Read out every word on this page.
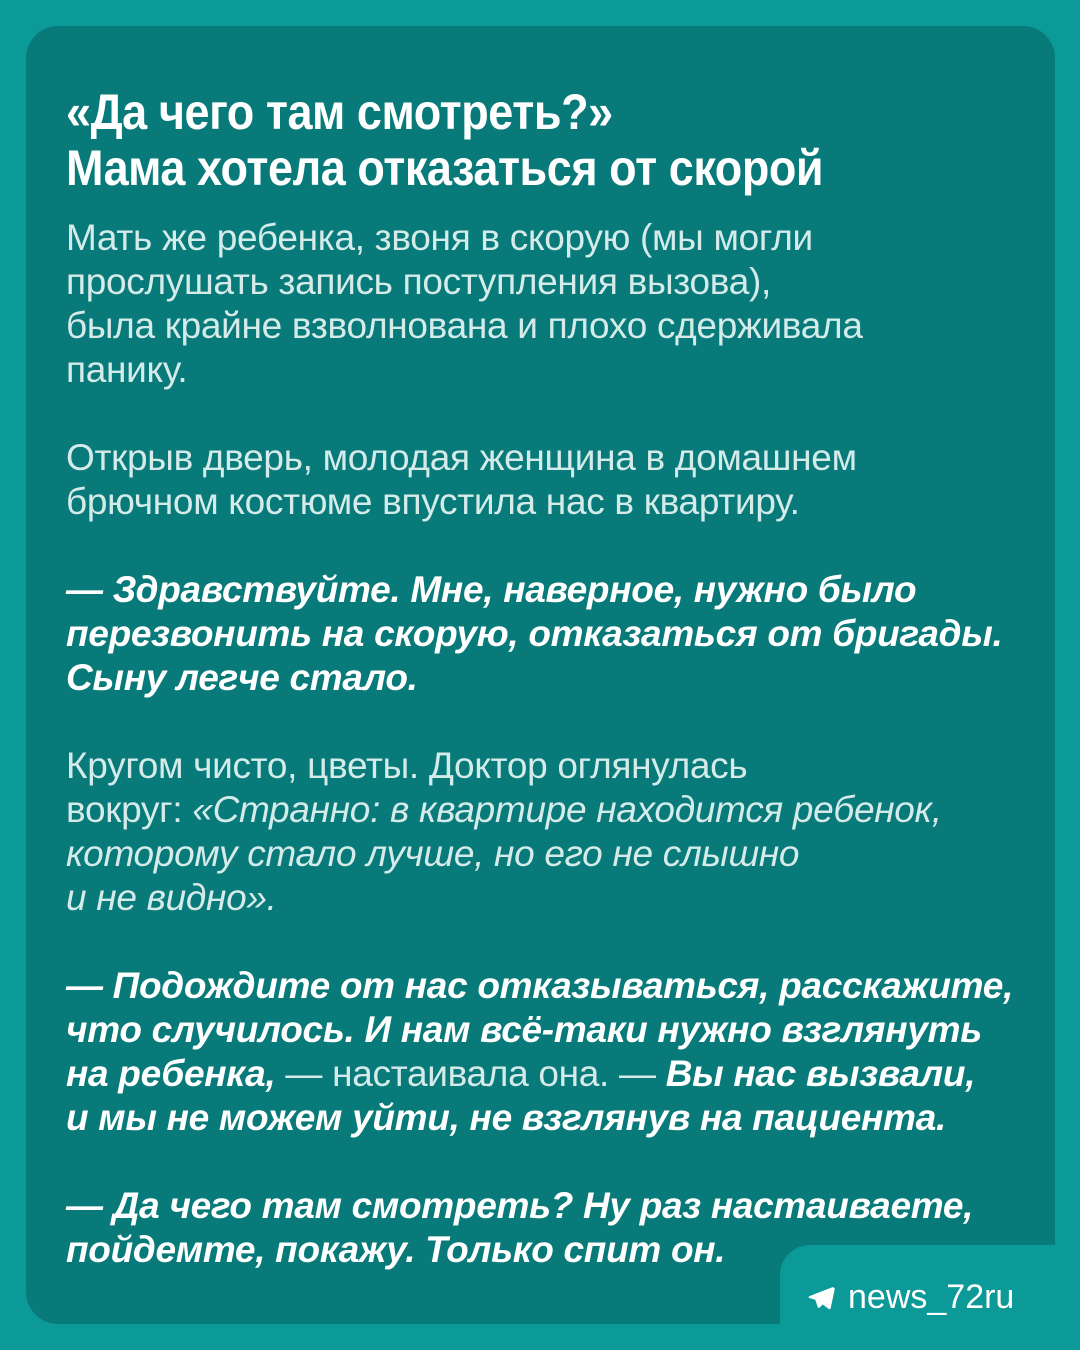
«Да чего там смотреть?»
Мама хотела отказаться от скорой

Мать же ребенка, звоня в скорую (мы могли
прослушать запись поступления вызова),
была крайне взволнована и плохо сдерживала
панику.

Открыв дверь, молодая женщина в домашнем
брючном костюме впустила нас в квартиру.

— Здравствуйте. Мне, наверное, нужно было
перезвонить на скорую, отказаться от бригады.
Сыну легче стало.

Кругом чисто, цветы. Доктор оглянулась
вокруг: «Странно: в квартире находится ребенок,
которому стало лучше, но его не слышно
и не видно».

— Подождите от нас отказываться, расскажите,
что случилось. И нам всё-таки нужно взглянуть
на ребенка, — настаивала она. — Вы нас вызвали,
и мы не можем уйти, не взглянув на пациента.

— Да чего там смотреть? Ну раз настаиваете,
пойдемте, покажу. Только спит он.

news_72ru
